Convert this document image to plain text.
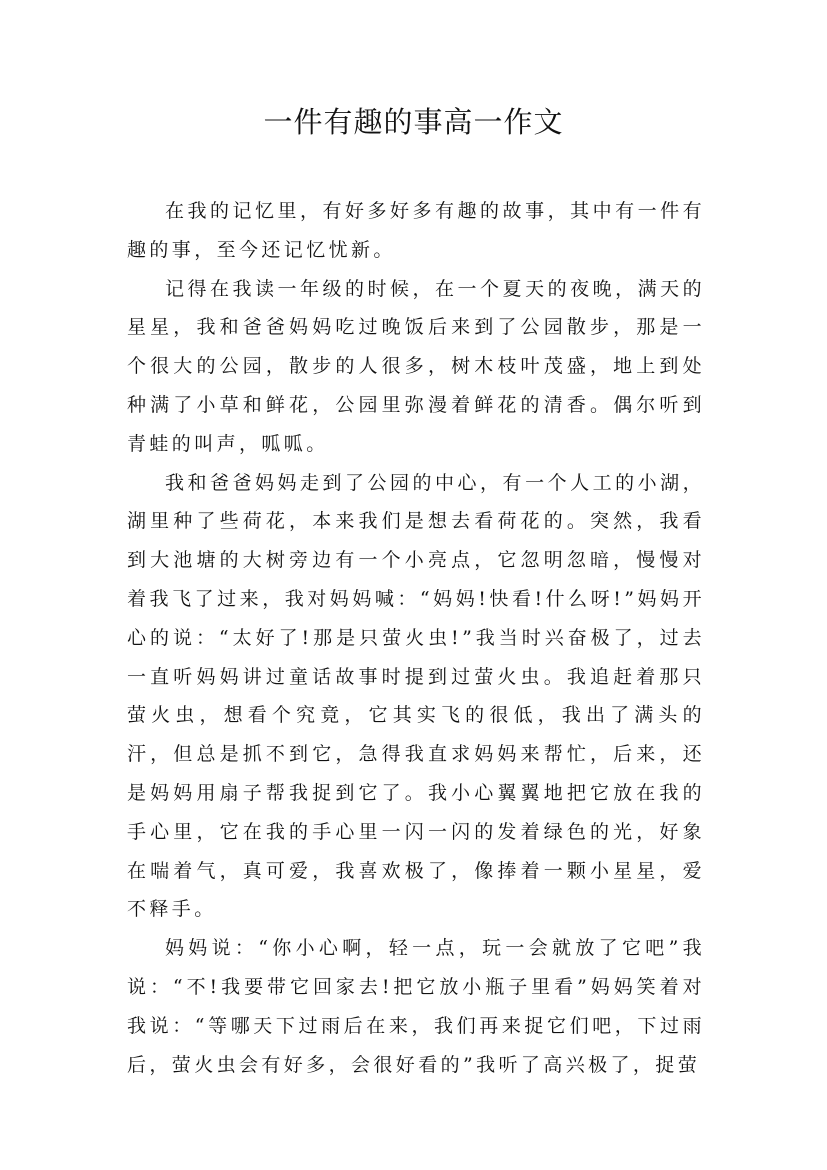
一件有趣的事高一作文

在我的记忆里，有好多好多有趣的故事，其中有一件有趣的事，至今还记忆忧新。

记得在我读一年级的时候，在一个夏天的夜晚，满天的星星，我和爸爸妈妈吃过晚饭后来到了公园散步，那是一个很大的公园，散步的人很多，树木枝叶茂盛，地上到处种满了小草和鲜花，公园里弥漫着鲜花的清香。偶尔听到青蛙的叫声，呱呱。

我和爸爸妈妈走到了公园的中心，有一个人工的小湖，湖里种了些荷花，本来我们是想去看荷花的。突然，我看到大池塘的大树旁边有一个小亮点，它忽明忽暗，慢慢对着我飞了过来，我对妈妈喊：“妈妈!快看!什么呀!”妈妈开心的说：“太好了!那是只萤火虫!”我当时兴奋极了，过去一直听妈妈讲过童话故事时提到过萤火虫。我追赶着那只萤火虫，想看个究竟，它其实飞的很低，我出了满头的汗，但总是抓不到它，急得我直求妈妈来帮忙，后来，还是妈妈用扇子帮我捉到它了。我小心翼翼地把它放在我的手心里，它在我的手心里一闪一闪的发着绿色的光，好象在喘着气，真可爱，我喜欢极了，像捧着一颗小星星，爱不释手。

妈妈说：“你小心啊，轻一点，玩一会就放了它吧”我说：“不!我要带它回家去!把它放小瓶子里看”妈妈笑着对我说：“等哪天下过雨后在来，我们再来捉它们吧，下过雨后，萤火虫会有好多，会很好看的”我听了高兴极了，捉萤
